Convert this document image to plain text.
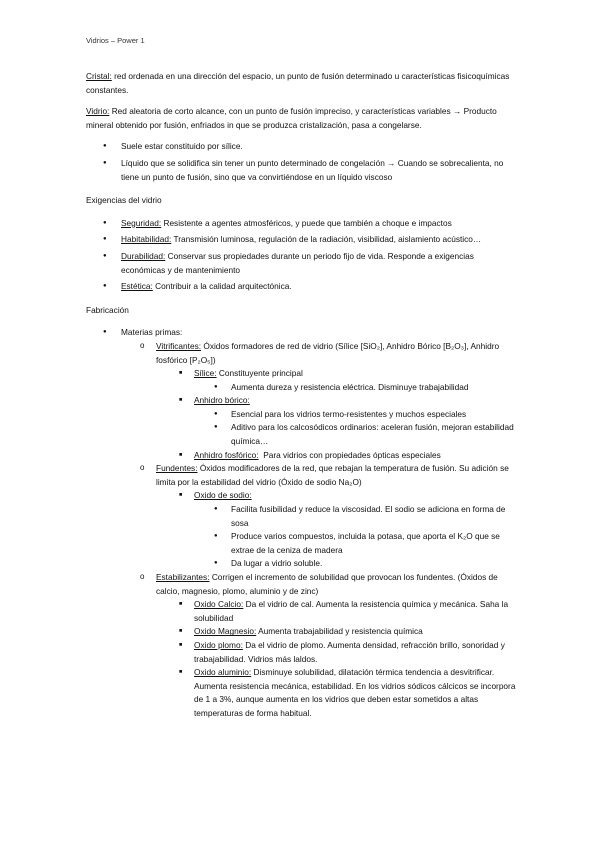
Vidrios – Power 1

Cristal: red ordenada en una dirección del espacio, un punto de fusión determinado u características fisicoquímicas constantes.

Vidrio: Red aleatoria de corto alcance, con un punto de fusión impreciso, y características variables → Producto mineral obtenido por fusión, enfriados in que se produzca cristalización, pasa a congelarse.

● Suele estar constituido por sílice.
● Líquido que se solidifica sin tener un punto determinado de congelación → Cuando se sobrecalienta, no tiene un punto de fusión, sino que va convirtiéndose en un líquido viscoso
Exigencias del vidrio
● Seguridad: Resistente a agentes atmosféricos, y puede que también a choque e impactos
● Habitabilidad: Transmisión luminosa, regulación de la radiación, visibilidad, aislamiento acústico…
● Durabilidad: Conservar sus propiedades durante un periodo fijo de vida. Responde a exigencias económicas y de mantenimiento
● Estética: Contribuir a la calidad arquitectónica.
Fabricación
● Materias primas:
o Vitrificantes: Óxidos formadores de red de vidrio (Sílice [SiO₂], Anhidro Bórico [B₂O₃], Anhidro fosfórico [P₂O₅])
■ Sílice: Constituyente principal
● Aumenta dureza y resistencia eléctrica. Disminuye trabajabilidad
■ Anhidro bórico:
● Esencial para los vidrios termo-resistentes y muchos especiales
● Aditivo para los calcosódicos ordinarios: aceleran fusión, mejoran estabilidad química…
■ Anhidro fosfórico: Para vidrios con propiedades ópticas especiales
o Fundentes: Óxidos modificadores de la red, que rebajan la temperatura de fusión. Su adición se limita por la estabilidad del vidrio (Óxido de sodio Na₂O)
■ Oxido de sodio:
● Facilita fusibilidad y reduce la viscosidad. El sodio se adiciona en forma de sosa
● Produce varios compuestos, incluida la potasa, que aporta el K₂O que se extrae de la ceniza de madera
● Da lugar a vidrio soluble.
o Estabilizantes: Corrigen el incremento de solubilidad que provocan los fundentes. (Óxidos de calcio, magnesio, plomo, aluminio y de zinc)
■ Oxido Calcio: Da el vidrio de cal. Aumenta la resistencia química y mecánica. Saha la solubilidad
■ Oxido Magnesio: Aumenta trabajabilidad y resistencia química
■ Oxido plomo: Da el vidrio de plomo. Aumenta densidad, refracción brillo, sonoridad y trabajabilidad. Vidrios más laldos.
■ Oxido aluminio: Disminuye solubilidad, dilatación térmica tendencia a desvitrificar. Aumenta resistencia mecánica, estabilidad. En los vidrios sódicos cálcicos se incorpora de 1 a 3%, aunque aumenta en los vidrios que deben estar sometidos a altas temperaturas de forma habitual.
